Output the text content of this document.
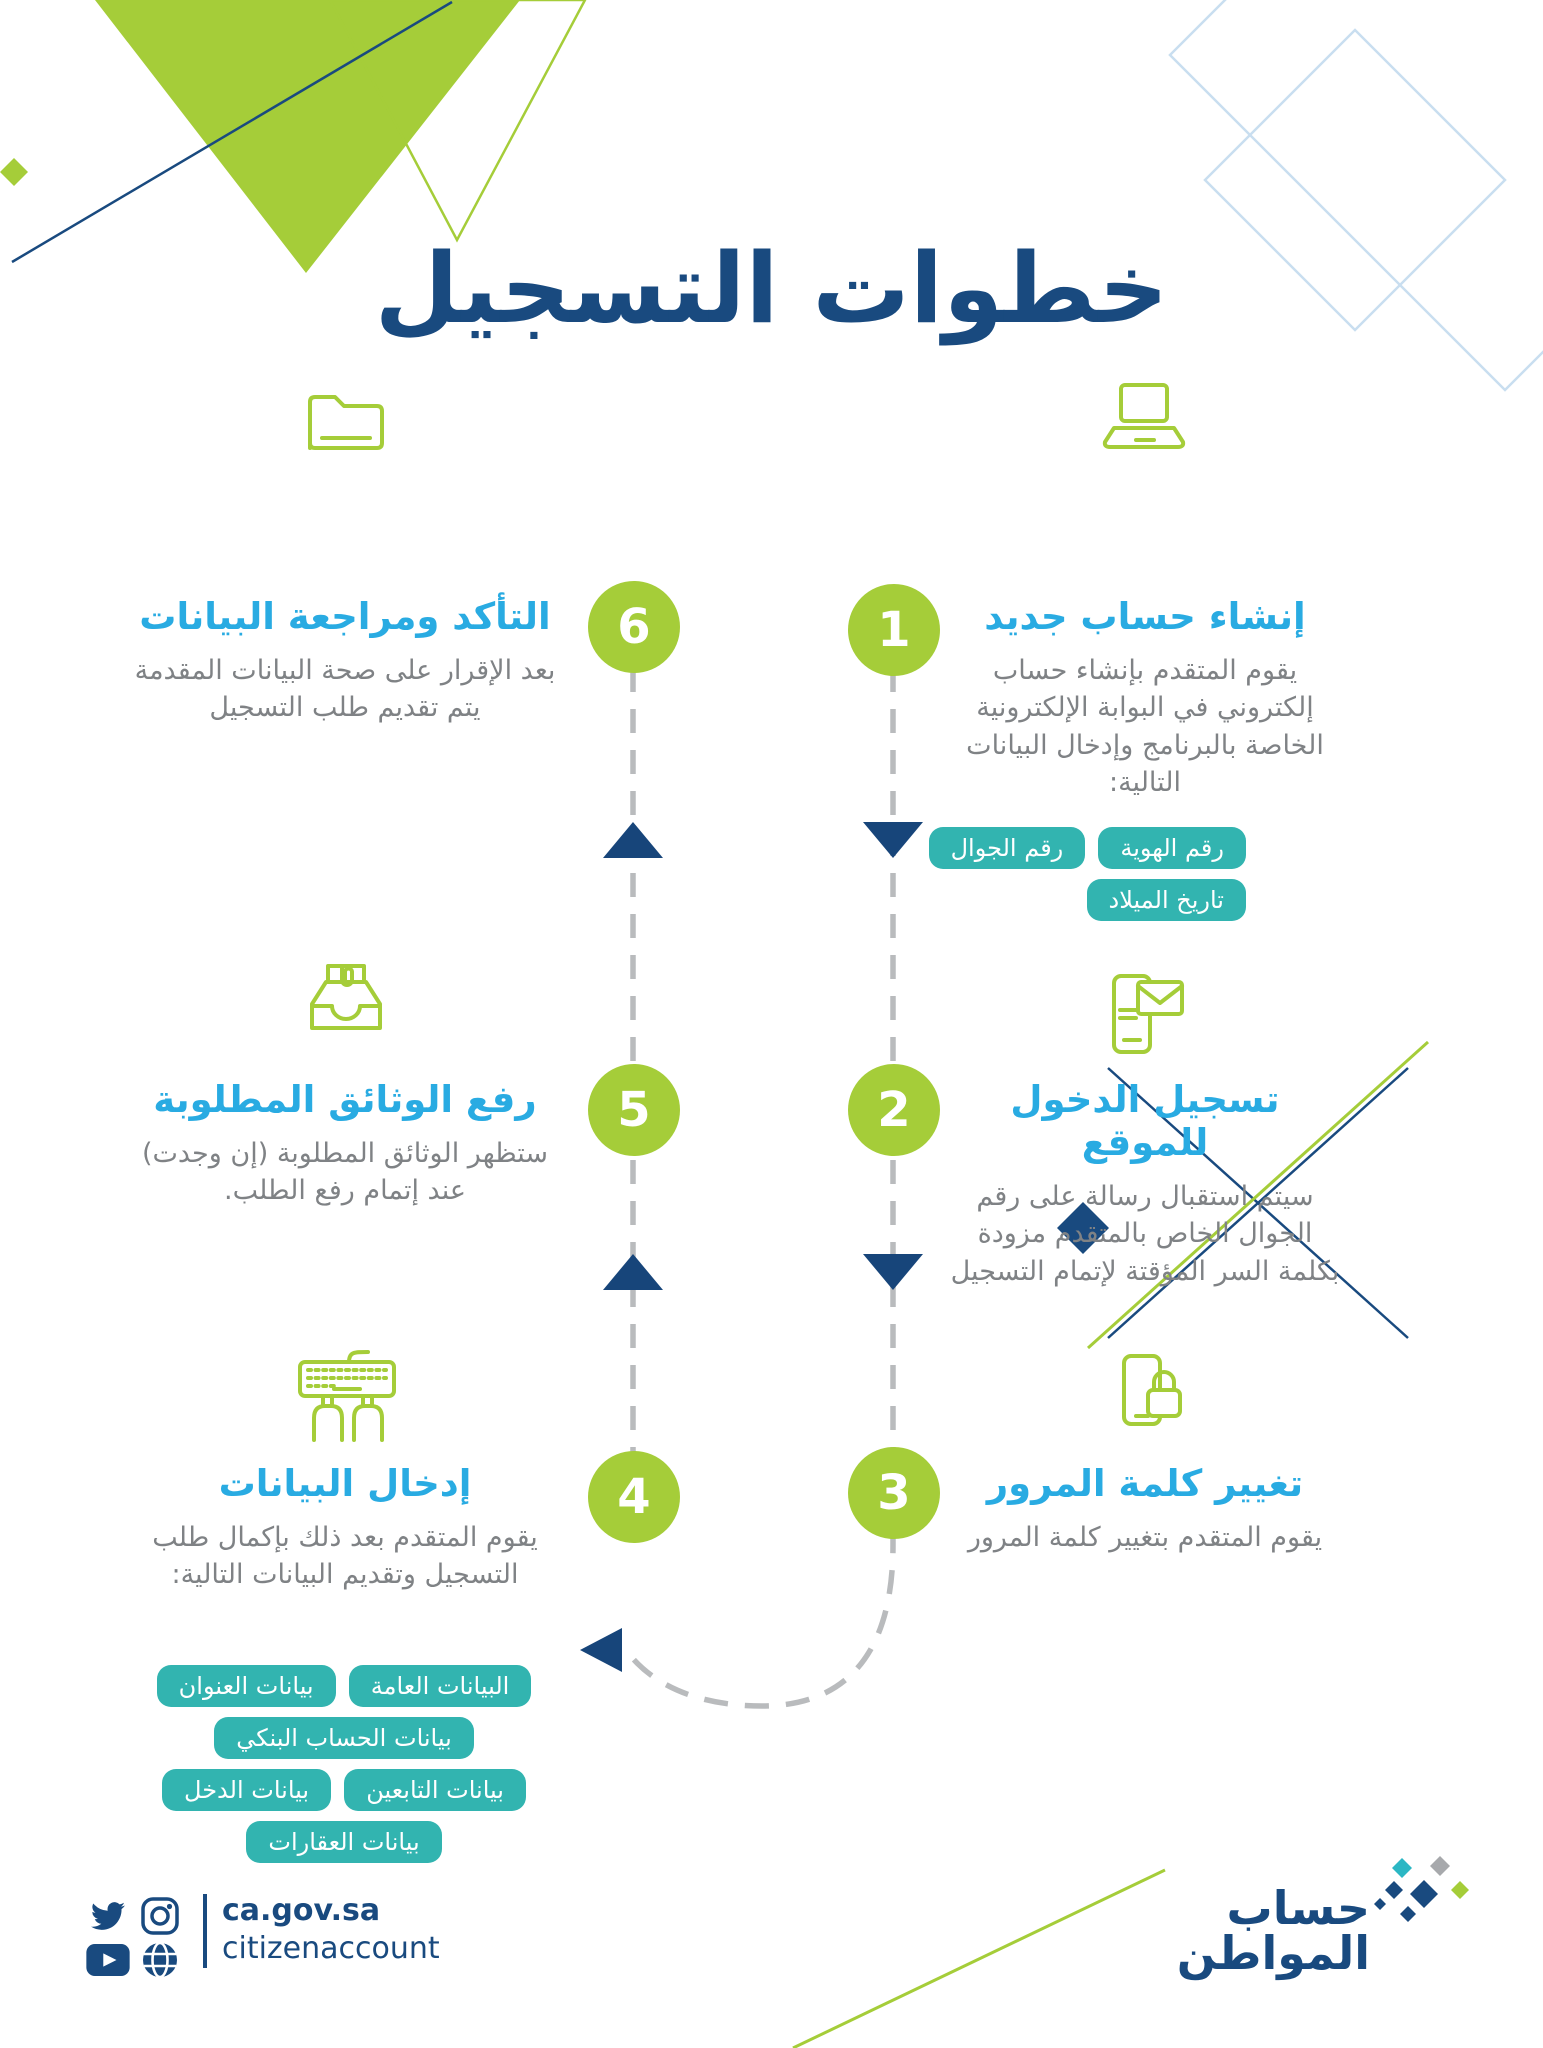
خطوات التسجيل
1
2
3
4
5
6	إنشاء حساب جديد
يقوم المتقدم بإنشاء حساب إلكتروني في البوابة الإلكترونية الخاصة بالبرنامج وإدخال البيانات التالية:
رقم الهوية رقم الجوال
تاريخ الميلاد
تسجيل الدخول للموقع
سيتم استقبال رسالة على رقم الجوال الخاص بالمتقدم مزودة بكلمة السر المؤقتة لإتمام التسجيل
تغيير كلمة المرور
يقوم المتقدم بتغيير كلمة المرور
إدخال البيانات
يقوم المتقدم بعد ذلك بإكمال طلب التسجيل وتقديم البيانات التالية:
البيانات العامة بيانات العنوان بيانات الحساب البنكي
بيانات التابعين بيانات الدخل بيانات العقارات
رفع الوثائق المطلوبة
ستظهر الوثائق المطلوبة (إن وجدت) عند إتمام رفع الطلب.
التأكد ومراجعة البيانات
بعد الإقرار على صحة البيانات المقدمة يتم تقديم طلب التسجيل
ca.gov.sa
citizenaccount
حساب
المواطن
